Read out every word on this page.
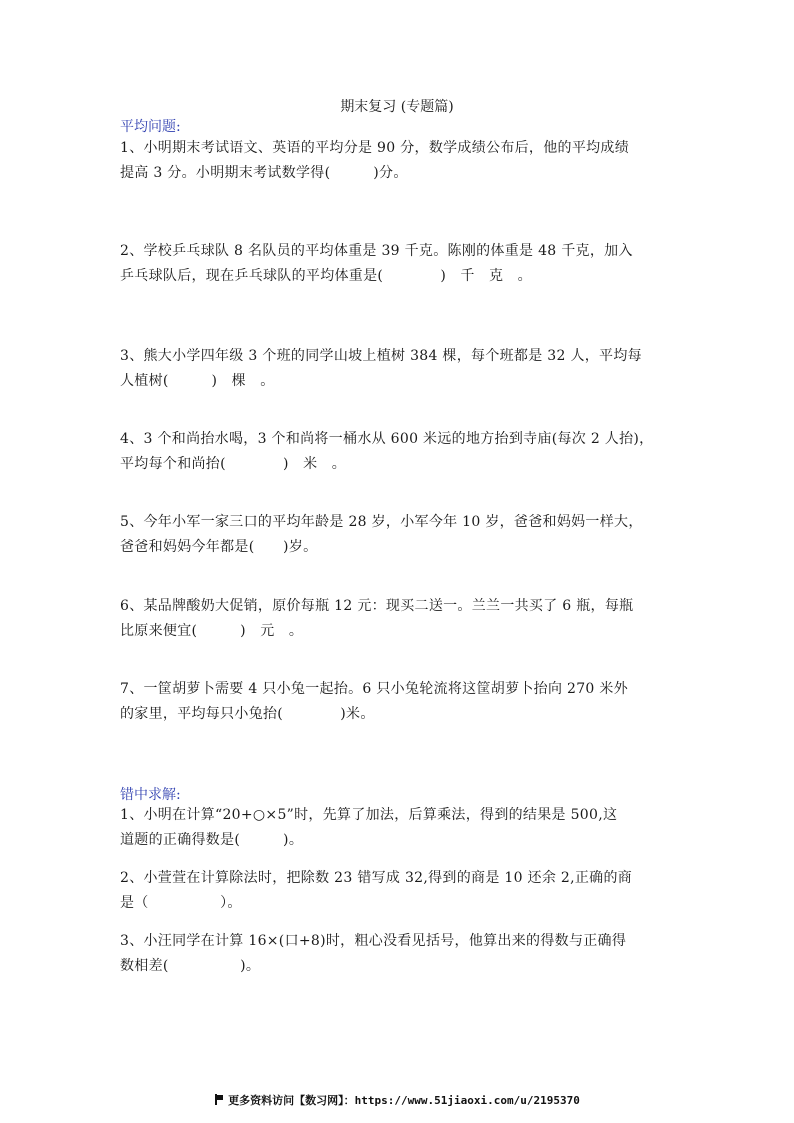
期末复习 (专题篇)
平均问题:

1、小明期末考试语文、英语的平均分是 90 分，数学成绩公布后，他的平均成绩

提高 3 分。小明期末考试数学得(　　　)分。

2、学校乒乓球队 8 名队员的平均体重是 39 千克。陈刚的体重是 48 千克，加入

乒乓球队后，现在乒乓球队的平均体重是(　　　　)　千　克　。

3、熊大小学四年级 3 个班的同学山坡上植树 384 棵，每个班都是 32 人，平均每

人植树(　　　)　棵　。

4、3 个和尚抬水喝，3 个和尚将一桶水从 600 米远的地方抬到寺庙(每次 2 人抬)，

平均每个和尚抬(　　　　)　米　。

5、今年小军一家三口的平均年龄是 28 岁，小军今年 10 岁，爸爸和妈妈一样大，

爸爸和妈妈今年都是(　　)岁。

6、某品牌酸奶大促销，原价每瓶 12 元：现买二送一。兰兰一共买了 6 瓶，每瓶

比原来便宜(　　　)　元　。

7、一筐胡萝卜需要 4 只小兔一起抬。6 只小兔轮流将这筐胡萝卜抬向 270 米外

的家里，平均每只小兔抬(　　　　)米。

错中求解:

1、小明在计算“20+○×5”时，先算了加法，后算乘法，得到的结果是 500,这

道题的正确得数是(　　　)。

2、小萱萱在计算除法时，把除数 23 错写成 32,得到的商是 10 还余 2,正确的商

是（　　　　　）。

3、小汪同学在计算 16×(口+8)时，粗心没看见括号，他算出来的得数与正确得

数相差(　　　　　)。

更多资料访问【数习网】：https://www.51jiaoxi.com/u/2195370
